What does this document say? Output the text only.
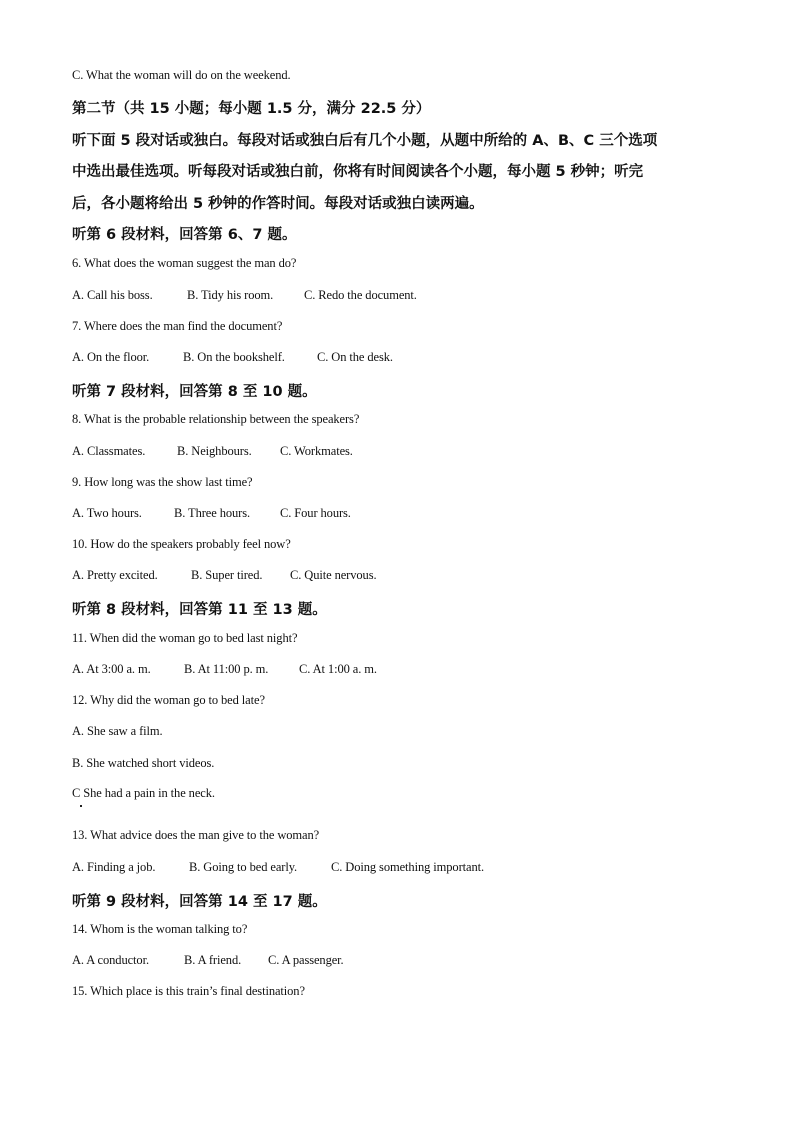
C. What the woman will do on the weekend.
第二节（共 15 小题；每小题 1.5 分，满分 22.5 分）
听下面 5 段对话或独白。每段对话或独白后有几个小题，从题中所给的 A、B、C 三个选项
中选出最佳选项。听每段对话或独白前，你将有时间阅读各个小题，每小题 5 秒钟；听完
后，各小题将给出 5 秒钟的作答时间。每段对话或独白读两遍。
听第 6 段材料，回答第 6、7 题。
6. What does the woman suggest the man do?
A. Call his boss.	B. Tidy his room. C. Redo the document.
7. Where does the man find the document?
A. On the floor.	B. On the bookshelf.	C. On the desk.
听第 7 段材料，回答第 8 至 10 题。
8. What is the probable relationship between the speakers?
A. Classmates.	B. Neighbours. C. Workmates.
9. How long was the show last time?
A. Two hours.	B. Three hours. C. Four hours.
10. How do the speakers probably feel now?
A. Pretty excited.	B. Super tired. C. Quite nervous.
听第 8 段材料，回答第 11 至 13 题。
11. When did the woman go to bed last night?
A. At 3:00 a. m.	B. At 11:00 p. m. C. At 1:00 a. m.
12. Why did the woman go to bed late?
A. She saw a film.
B. She watched short videos.
C She had a pain in the neck.
13. What advice does the man give to the woman?
A. Finding a job.	B. Going to bed early.	C. Doing something important.
听第 9 段材料，回答第 14 至 17 题。
14. Whom is the woman talking to?
A. A conductor.	B. A friend. C. A passenger.
15. Which place is this train’s final destination?
